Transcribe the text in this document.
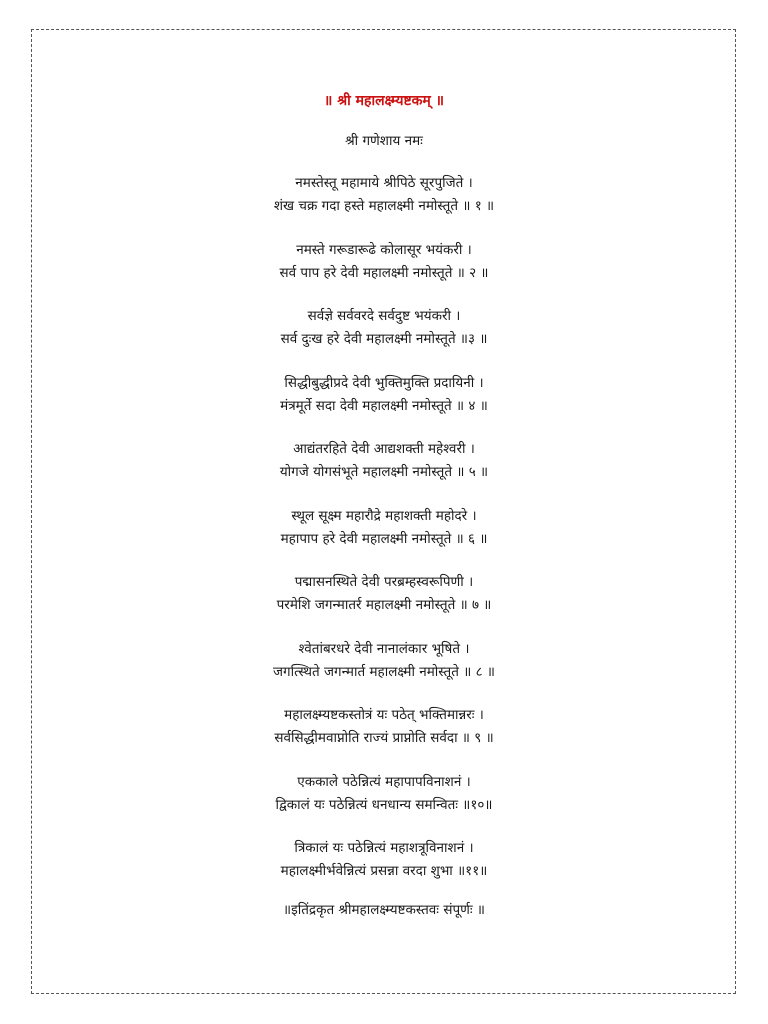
॥ श्री महालक्ष्म्यष्टकम् ॥

श्री गणेशाय नमः

नमस्तेस्तू महामाये श्रीपिठे सूरपुजिते ।
शंख चक्र गदा हस्ते महालक्ष्मी नमोस्तूते ॥ १ ॥
नमस्ते गरूडारूढे कोलासूर भयंकरी ।
सर्व पाप हरे देवी महालक्ष्मी नमोस्तूते ॥ २ ॥
सर्वज्ञे सर्ववरदे सर्वदुष्ट भयंकरी ।
सर्व दुःख हरे देवी महालक्ष्मी नमोस्तूते ॥३ ॥
सिद्धीबुद्धीप्रदे देवी भुक्तिमुक्ति प्रदायिनी ।
मंत्रमूर्ते सदा देवी महालक्ष्मी नमोस्तूते ॥ ४ ॥
आद्यंतरहिते देवी आद्यशक्ती महेश्वरी ।
योगजे योगसंभूते महालक्ष्मी नमोस्तूते ॥ ५ ॥
स्थूल सूक्ष्म महारौद्रे महाशक्ती महोदरे ।
महापाप हरे देवी महालक्ष्मी नमोस्तूते ॥ ६ ॥
पद्मासनस्थिते देवी परब्रम्हस्वरूपिणी ।
परमेशि जगन्मातर्र महालक्ष्मी नमोस्तूते ॥ ७ ॥
श्वेतांबरधरे देवी नानालंकार भूषिते ।
जगत्स्थिते जगन्मार्त महालक्ष्मी नमोस्तूते ॥ ८ ॥
महालक्ष्म्यष्टकस्तोत्रं यः पठेत् भक्तिमान्नरः ।
सर्वसिद्धीमवाप्नोति राज्यं प्राप्नोति सर्वदा ॥ ९ ॥
एककाले पठेन्नित्यं महापापविनाशनं ।
द्विकालं यः पठेन्नित्यं धनधान्य समन्वितः ॥१०॥
त्रिकालं यः पठेन्नित्यं महाशत्रूविनाशनं ।
महालक्ष्मीर्भवेन्नित्यं प्रसन्ना वरदा शुभा ॥११॥

॥इतिंद्रकृत श्रीमहालक्ष्म्यष्टकस्तवः संपूर्णः ॥
